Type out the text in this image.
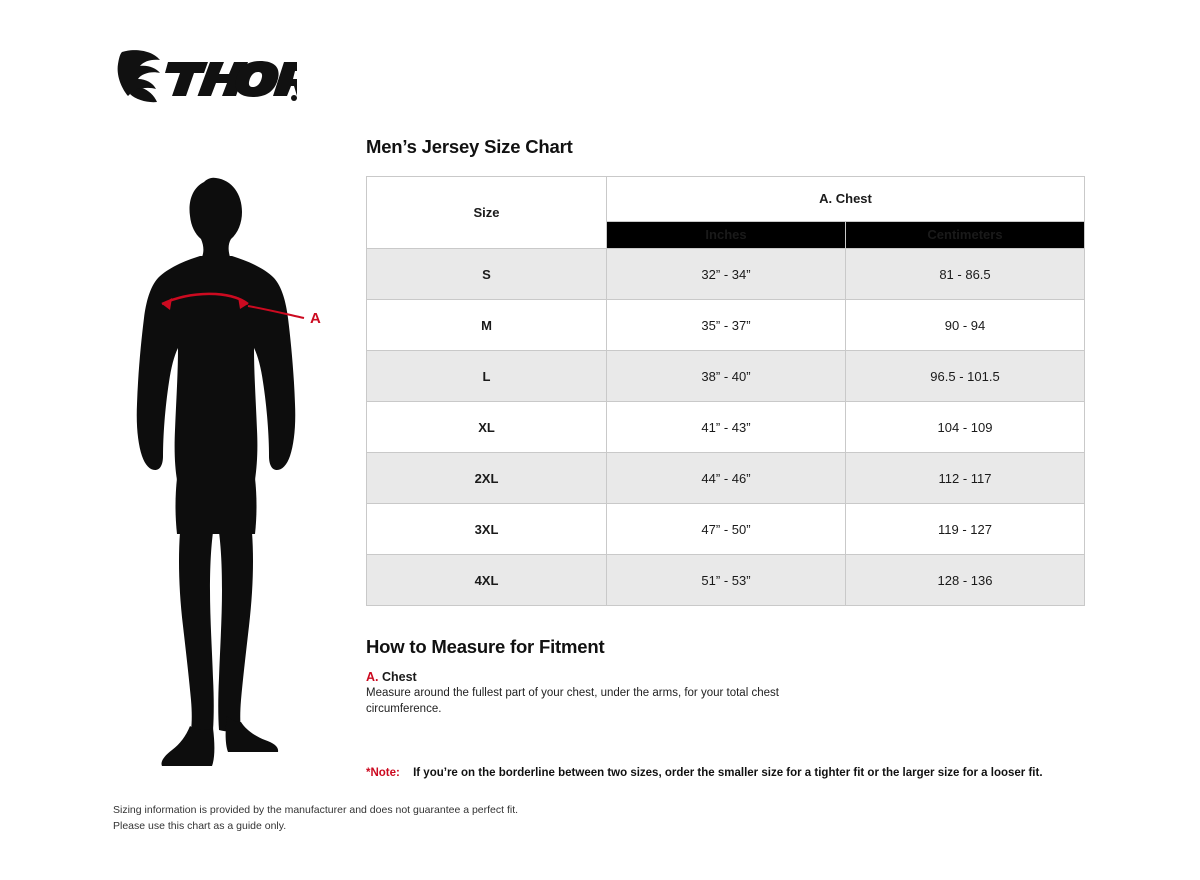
A
Men’s Jersey Size Chart
Size	A. Chest	
	Inches	Centimeters
S	32” - 34”	81 - 86.5
M	35” - 37”	90 - 94
L	38” - 40”	96.5 - 101.5
XL	41” - 43”	104 - 109
2XL	44” - 46”	112 - 117
3XL	47” - 50”	119 - 127
4XL	51” - 53”	128 - 136
How to Measure for Fitment
A. Chest
Measure around the fullest part of your chest, under the arms, for your total chest circumference.
*Note: If you’re on the borderline between two sizes, order the smaller size for a tighter fit or the larger size for a looser fit.
Sizing information is provided by the manufacturer and does not guarantee a perfect fit.
Please use this chart as a guide only.
